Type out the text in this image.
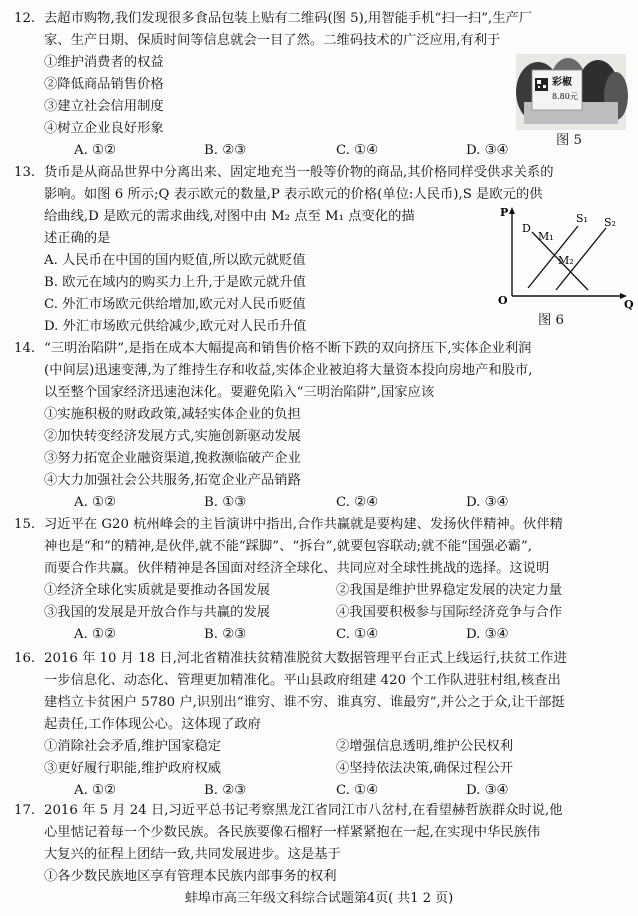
12. 去超市购物,我们发现很多食品包装上贴有二维码(图 5),用智能手机“扫一扫”,生产厂
家、生产日期、保质时间等信息就会一目了然。二维码技术的广泛应用,有利于
①维护消费者的权益
②降低商品销售价格
③建立社会信用制度
④树立企业良好形象
A. ①②	B. ②③	C. ①④	D. ③④
彩椒
8.80元
图 5
13. 货币是从商品世界中分离出来、固定地充当一般等价物的商品,其价格同样受供求关系的
影响。如图 6 所示;Q 表示欧元的数量,P 表示欧元的价格(单位:人民币),S 是欧元的供
给曲线,D 是欧元的需求曲线,对图中由 M₂ 点至 M₁ 点变化的描
述正确的是
A. 人民币在中国的国内贬值,所以欧元就贬值
B. 欧元在域内的购买力上升,于是欧元就升值
C. 外汇市场欧元供给增加,欧元对人民币贬值
D. 外汇市场欧元供给减少,欧元对人民币升值
P
Q
O
D
S₁ S₂
M₁
M₂
图 6
14. “三明治陷阱”,是指在成本大幅提高和销售价格不断下跌的双向挤压下,实体企业利润
(中间层)迅速变薄,为了维持生存和收益,实体企业被迫将大量资本投向房地产和股市,
以至整个国家经济迅速泡沫化。要避免陷入“三明治陷阱”,国家应该
①实施积极的财政政策,减轻实体企业的负担
②加快转变经济发展方式,实施创新驱动发展
③努力拓宽企业融资渠道,挽救濒临破产企业
④大力加强社会公共服务,拓宽企业产品销路
A. ①②	B. ①③	C. ②④	D. ③④
15. 习近平在 G20 杭州峰会的主旨演讲中指出,合作共赢就是要构建、发扬伙伴精神。伙伴精
神也是“和”的精神,是伙伴,就不能“踩脚”、“拆台”,就要包容联动;就不能“国强必霸”,
而要合作共赢。伙伴精神是各国面对经济全球化、共同应对全球性挑战的选择。这说明
①经济全球化实质就是要推动各国发展	②我国是维护世界稳定发展的决定力量
③我国的发展是开放合作与共赢的发展	④我国要积极参与国际经济竞争与合作
A. ①②	B. ②③	C. ①④	D. ③④
16. 2016 年 10 月 18 日,河北省精准扶贫精准脱贫大数据管理平台正式上线运行,扶贫工作进
一步信息化、动态化、管理更加精准化。平山县政府组建 420 个工作队进驻村组,核查出
建档立卡贫困户 5780 户,识别出“谁穷、谁不穷、谁真穷、谁最穷”,并公之于众,让干部挺
起责任,工作体现公心。这体现了政府
①消除社会矛盾,维护国家稳定	②增强信息透明,维护公民权利
③更好履行职能,维护政府权威	④坚持依法决策,确保过程公开
A. ①②	B. ②③	C. ①④	D. ③④
17. 2016 年 5 月 24 日,习近平总书记考察黑龙江省同江市八岔村,在看望赫哲族群众时说,他
心里惦记着每一个少数民族。各民族要像石榴籽一样紧紧抱在一起,在实现中华民族伟
大复兴的征程上团结一致,共同发展进步。这是基于
①各少数民族地区享有管理本民族内部事务的权利
蚌埠市高三年级文科综合试题第4页( 共1 2 页)
